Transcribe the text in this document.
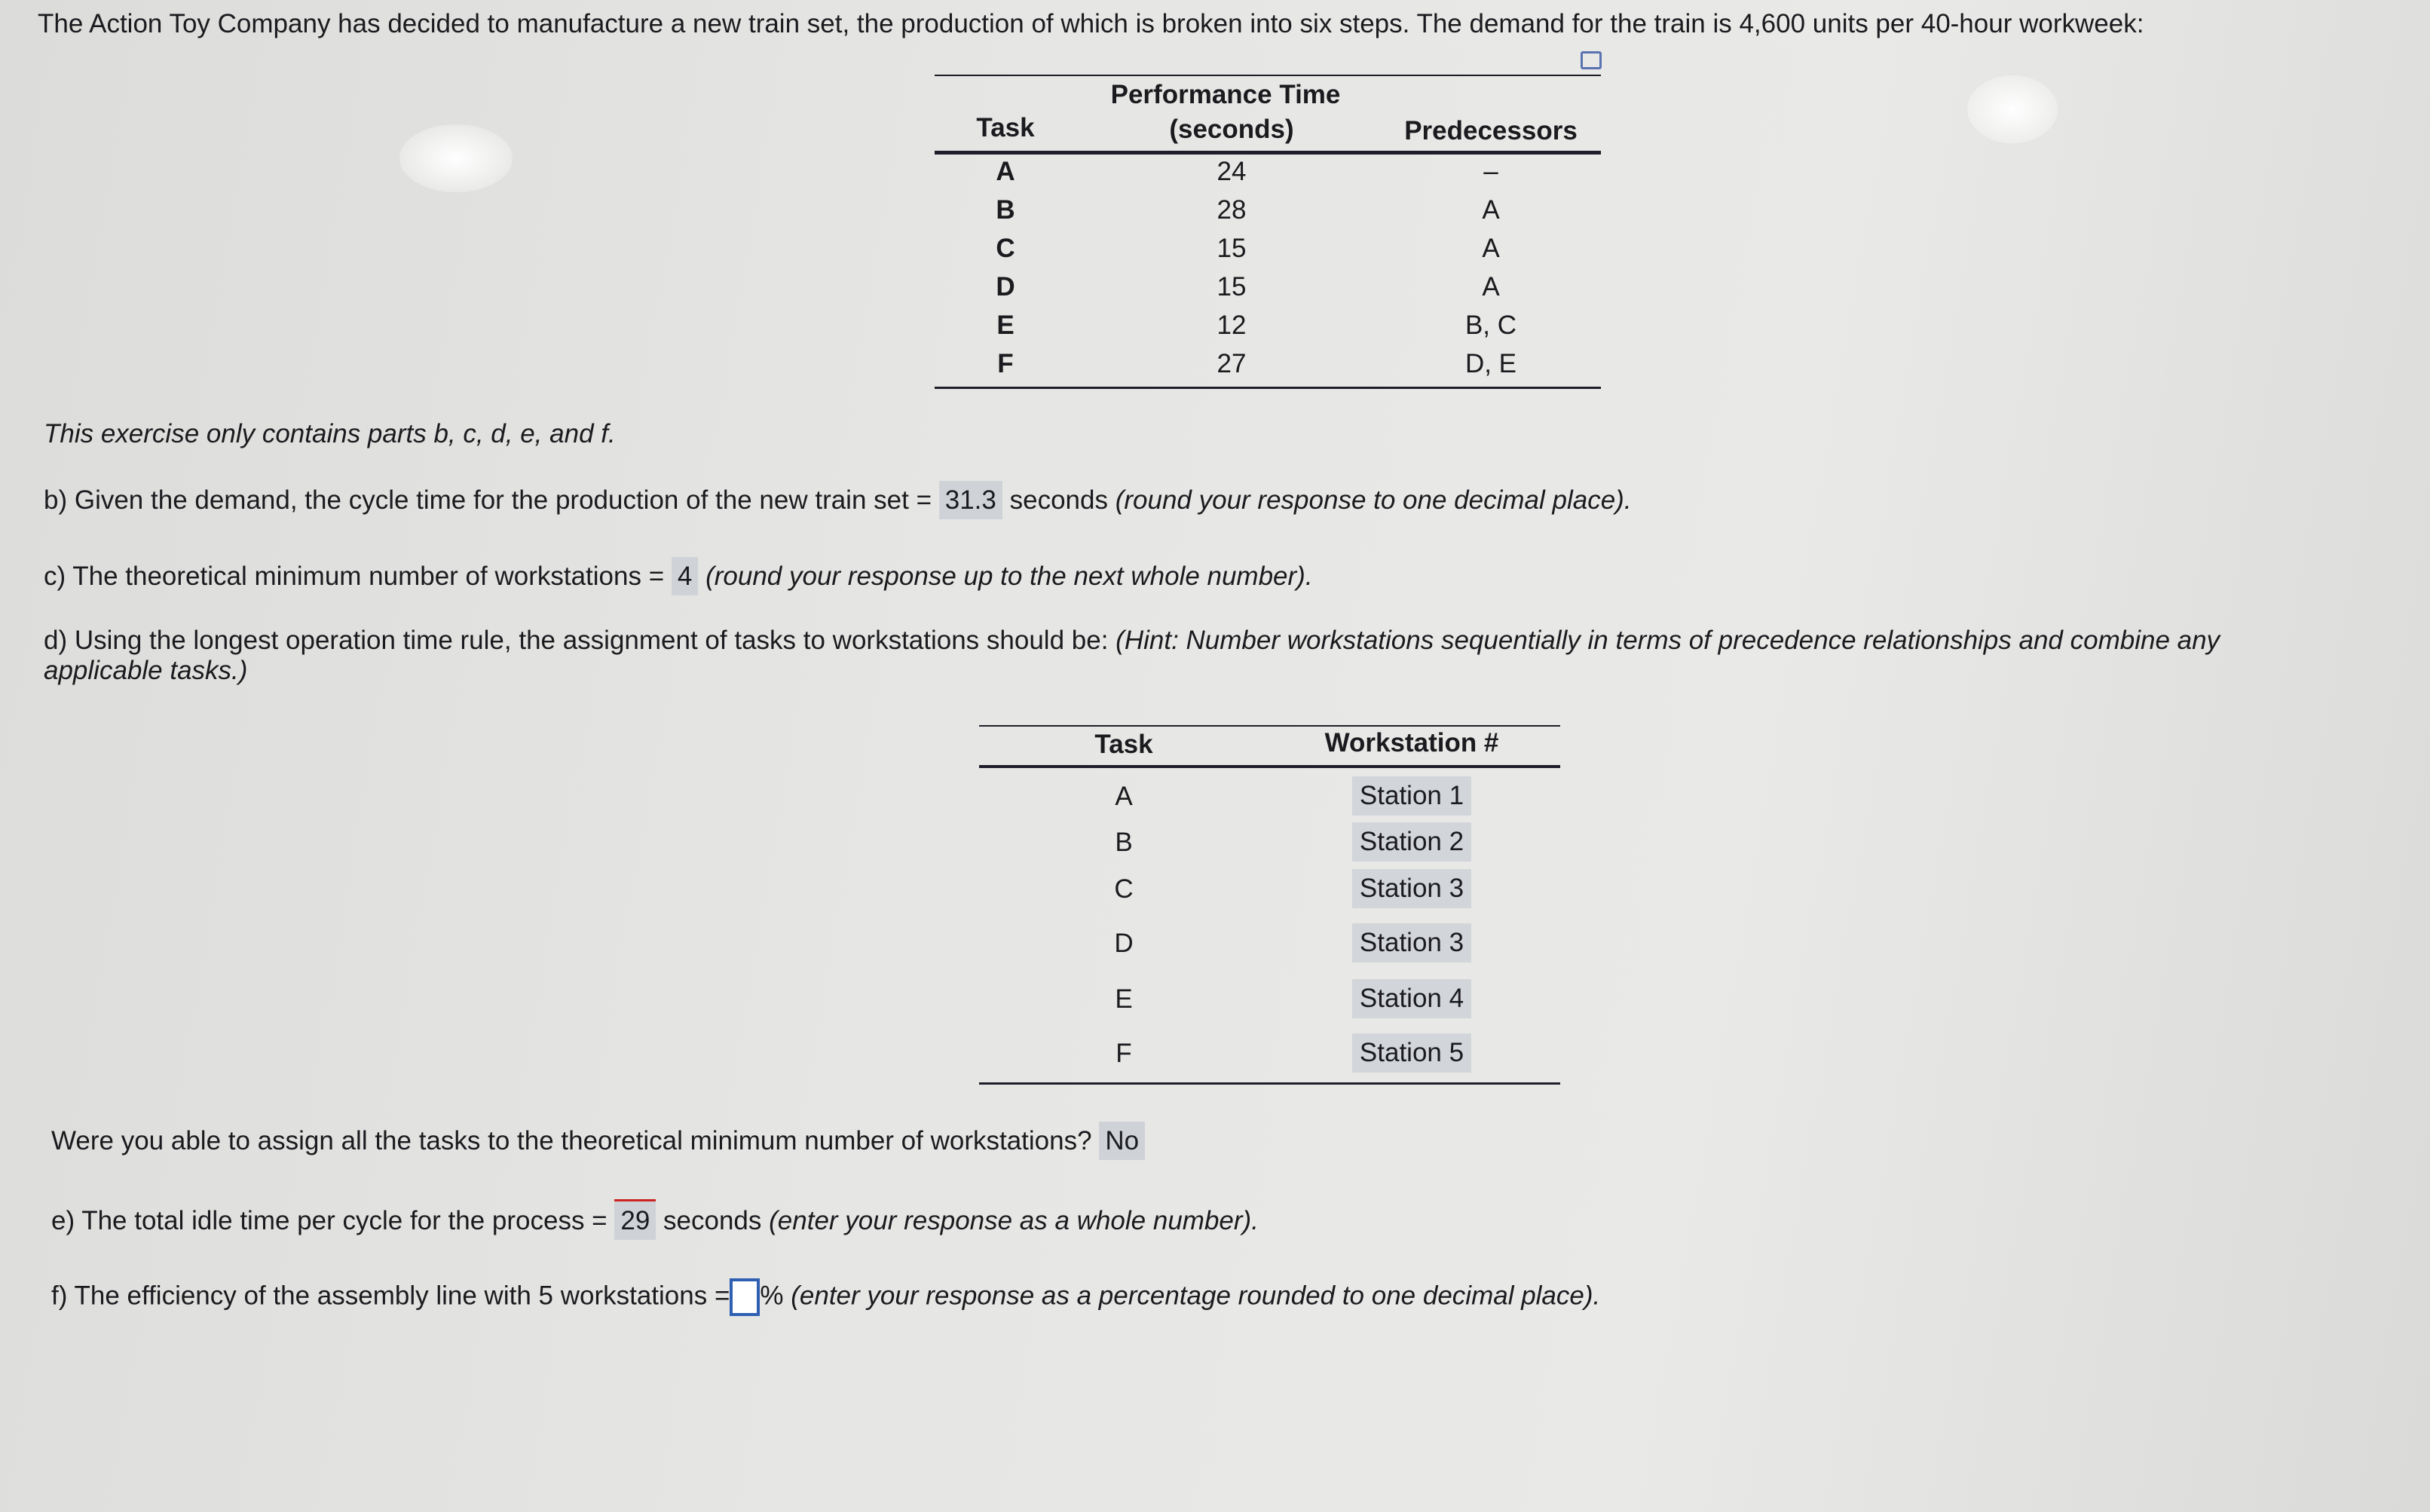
The Action Toy Company has decided to manufacture a new train set, the production of which is broken into six steps. The demand for the train is 4,600 units per 40-hour workweek:
Task
Performance Time
(seconds)	Predecessors
A	24	–
B	28	A
C	15	A
D	15	A
E	12	B, C
F	27	D, E
This exercise only contains parts b, c, d, e, and f.
b) Given the demand, the cycle time for the production of the new train set = 31.3 seconds (round your response to one decimal place).
c) The theoretical minimum number of workstations = 4 (round your response up to the next whole number).
d) Using the longest operation time rule, the assignment of tasks to workstations should be: (Hint: Number workstations sequentially in terms of precedence relationships and combine any
applicable tasks.)
Task	Workstation #
A	Station 1
B	Station 2
C	Station 3
D	Station 3
E	Station 4
F	Station 5
Were you able to assign all the tasks to the theoretical minimum number of workstations? No
e) The total idle time per cycle for the process = 29 seconds (enter your response as a whole number).
f) The efficiency of the assembly line with 5 workstations = % (enter your response as a percentage rounded to one decimal place).
